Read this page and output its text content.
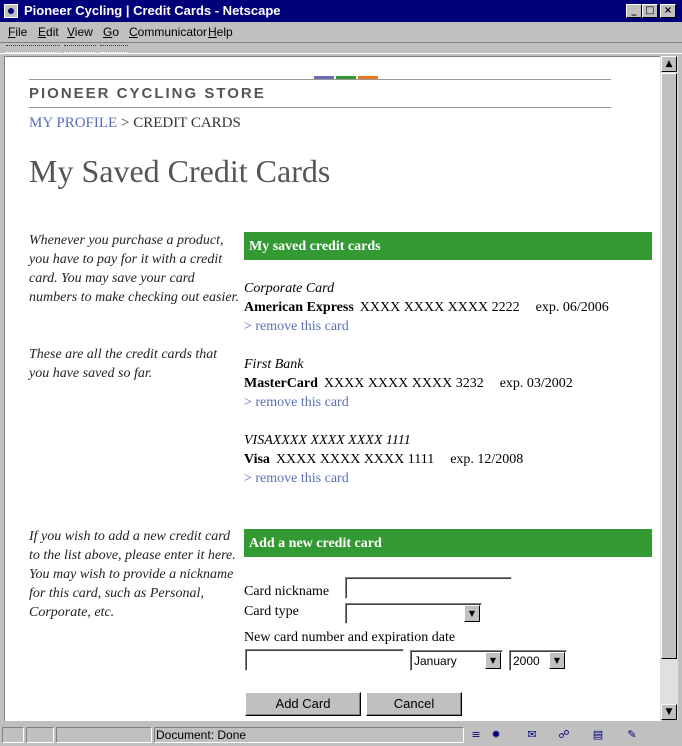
Pioneer Cycling | Credit Cards - Netscape	_ □ ×
File Edit View Go Communicator Help
PIONEER CYCLING STORE
MY PROFILE > CREDIT CARDS
My Saved Credit Cards
Whenever you purchase a product, you have to pay for it with a credit card. You may save your card numbers to make checking out easier.
These are all the credit cards that you have saved so far.
If you wish to add a new credit card to the list above, please enter it here. You may wish to provide a nickname for this card, such as Personal, Corporate, etc.
My saved credit cards
Corporate Card
American Express XXXX XXXX XXXX 2222 exp. 06/2006
> remove this card
First Bank
MasterCard XXXX XXXX XXXX 3232 exp. 03/2002
> remove this card
VISAXXXX XXXX XXXX 1111
Visa XXXX XXXX XXXX 1111 exp. 12/2008
> remove this card
Add a new credit card
Card nickname
Card type	▼
New card number and expiration date
January	▼	2000	▼
Add Card	Cancel
▲
▼
Document: Done	≡ ✹	✉	☍ ▤	✎
